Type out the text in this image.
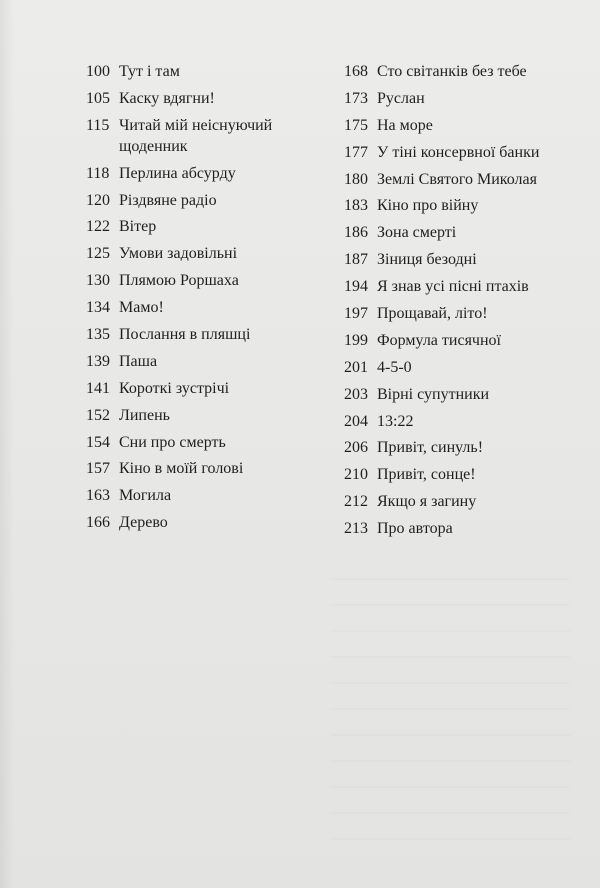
100 Тут і там
105 Каску вдягни!
115 Читай мій неіснуючий щоденник
118 Перлина абсурду
120 Різдвяне радіо
122 Вітер
125 Умови задовільні
130 Плямою Роршаха
134 Мамо!
135 Послання в пляшці
139 Паша
141 Короткі зустрічі
152 Липень
154 Сни про смерть
157 Кіно в моїй голові
163 Могила
166 Дерево
168 Сто світанків без тебе
173 Руслан
175 На море
177 У тіні консервної банки
180 Землі Святого Миколая
183 Кіно про війну
186 Зона смерті
187 Зіниця безодні
194 Я знав усі пісні птахів
197 Прощавай, літо!
199 Формула тисячної
201 4-5-0
203 Вірні супутники
204 13:22
206 Привіт, синуль!
210 Привіт, сонце!
212 Якщо я загину
213 Про автора
